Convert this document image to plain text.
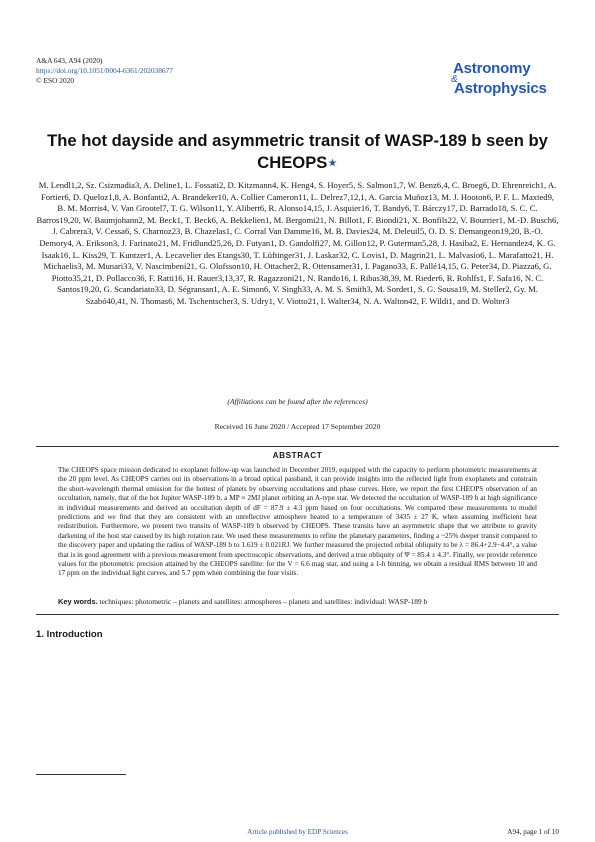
A&A 643, A94 (2020)
https://doi.org/10.1051/0004-6361/202038677
© ESO 2020
Astronomy
&
Astrophysics
The hot dayside and asymmetric transit of WASP-189 b seen by CHEOPS⋆
M. Lendl1,2, Sz. Csizmadia3, A. Deline1, L. Fossati2, D. Kitzmann4, K. Heng4, S. Hoyer5, S. Salmon1,7, W. Benz6,4, C. Broeg6, D. Ehrenreich1, A. Fortier6, D. Queloz1,8, A. Bonfanti2, A. Brandeker10, A. Collier Cameron11, L. Delrez7,12,1, A. Garcia Muñoz13, M. J. Hooton6, P. F. L. Maxted9, B. M. Morris4, V. Van Grootel7, T. G. Wilson11, Y. Alibert6, R. Alonso14,15, J. Asquier16, T. Bandy6, T. Bárczy17, D. Barrado18, S. C. C. Barros19,20, W. Baumjohann2, M. Beck1, T. Beck6, A. Bekkelien1, M. Bergomi21, N. Billot1, F. Biondi21, X. Bonfils22, V. Bourrier1, M.-D. Busch6, J. Cabrera3, V. Cessa6, S. Charnoz23, B. Chazelas1, C. Corral Van Damme16, M. B. Davies24, M. Deleuil5, O. D. S. Demangeon19,20, B.-O. Demory4, A. Erikson3, J. Farinato21, M. Fridlund25,26, D. Futyan1, D. Gandolfi27, M. Gillon12, P. Guterman5,28, J. Hasiba2, E. Hernandez4, K. G. Isaak16, L. Kiss29, T. Kuntzer1, A. Lecavelier des Etangs30, T. Lüftinger31, J. Laskar32, C. Lovis1, D. Magrin21, L. Malvasio6, L. Marafatto21, H. Michaelis3, M. Munari33, V. Nascimbeni21, G. Olofsson10, H. Ottacher2, R. Ottensamer31, I. Pagano33, E. Pallé14,15, G. Peter34, D. Piazza6, G. Piotto35,21, D. Pollacco36, F. Ratti16, H. Rauer3,13,37, R. Ragazzoni21, N. Rando16, I. Ribas38,39, M. Rieder6, R. Rohlfs1, F. Safa16, N. C. Santos19,20, G. Scandariato33, D. Ségransan1, A. E. Simon6, V. Singh33, A. M. S. Smith3, M. Sordet1, S. G. Sousa19, M. Steller2, Gy. M. Szabó40,41, N. Thomas6, M. Tschentscher3, S. Udry1, V. Viotto21, I. Walter34, N. A. Walton42, F. Wildi1, and D. Wolter3
(Affiliations can be found after the references)
Received 16 June 2020 / Accepted 17 September 2020
ABSTRACT
The CHEOPS space mission dedicated to exoplanet follow-up was launched in December 2019, equipped with the capacity to perform photometric measurements at the 20 ppm level. As CHEOPS carries out its observations in a broad optical passband, it can provide insights into the reflected light from exoplanets and constrain the short-wavelength thermal emission for the hottest of planets by observing occultations and phase curves. Here, we report the first CHEOPS observation of an occultation, namely, that of the hot Jupiter WASP-189 b, a MP ≈ 2MJ planet orbiting an A-type star. We detected the occultation of WASP-189 b at high significance in individual measurements and derived an occultation depth of dF = 87.9 ± 4.3 ppm based on four occultations. We compared these measurements to model predictions and we find that they are consistent with an unreflective atmosphere heated to a temperature of 3435 ± 27 K, when assuming inefficient heat redistribution. Furthermore, we present two transits of WASP-189 b observed by CHEOPS. These transits have an asymmetric shape that we attribute to gravity darkening of the host star caused by its high rotation rate. We used these measurements to refine the planetary parameters, finding a ~25% deeper transit compared to the discovery paper and updating the radius of WASP-189 b to 1.619 ± 0.021RJ. We further measured the projected orbital obliquity to be λ = 86.4+2.9−4.4°, a value that is in good agreement with a previous measurement from spectroscopic observations, and derived a true obliquity of Ψ = 85.4 ± 4.3°. Finally, we provide reference values for the photometric precision attained by the CHEOPS satellite: for the V = 6.6 mag star, and using a 1-h binning, we obtain a residual RMS between 10 and 17 ppm on the individual light curves, and 5.7 ppm when combining the four visits.
Key words. techniques: photometric – planets and satellites: atmospheres – planets and satellites: individual: WASP-189 b
1. Introduction
Article published by EDP Sciences	A94, page 1 of 10
